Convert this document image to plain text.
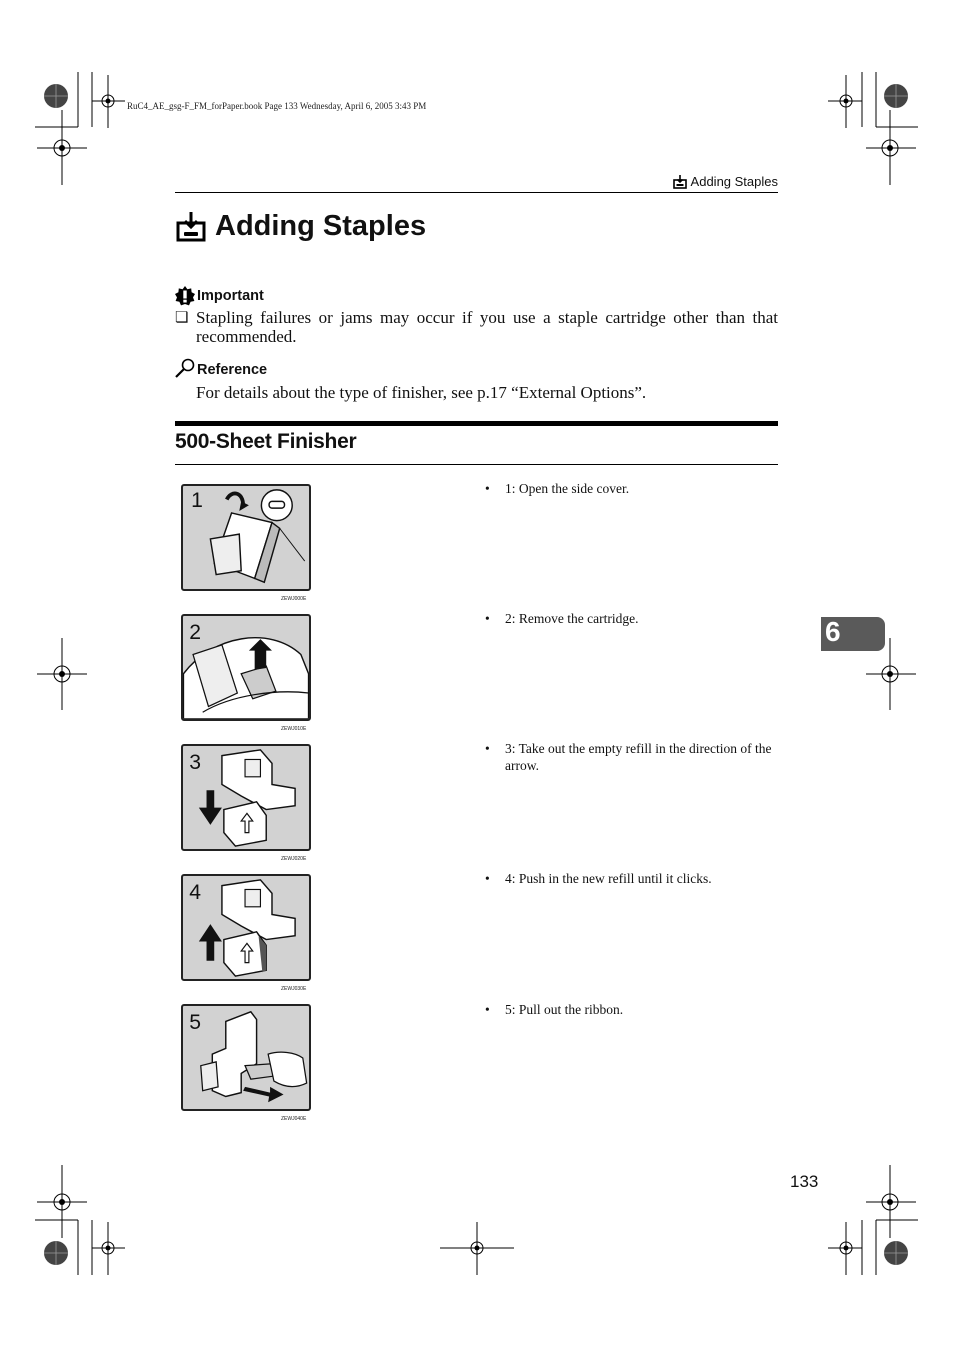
RuC4_AE_gsg-F_FM_forPaper.book Page 133 Wednesday, April 6, 2005 3:43 PM
Adding Staples
Adding Staples
Important
❏ Stapling failures or jams may occur if you use a staple cartridge other than that recommended.
Reference
For details about the type of finisher, see p.17 “External Options”.
500-Sheet Finisher
1
ZEWJ000E
•	1: Open the side cover.
2
ZEWJ010E
•	2: Remove the cartridge.
3
ZEWJ020E
•	3: Take out the empty refill in the direction of the arrow.
4
ZEWJ030E
•	4: Push in the new refill until it clicks.
5
ZEWJ040E
•	5: Pull out the ribbon.
6
133
